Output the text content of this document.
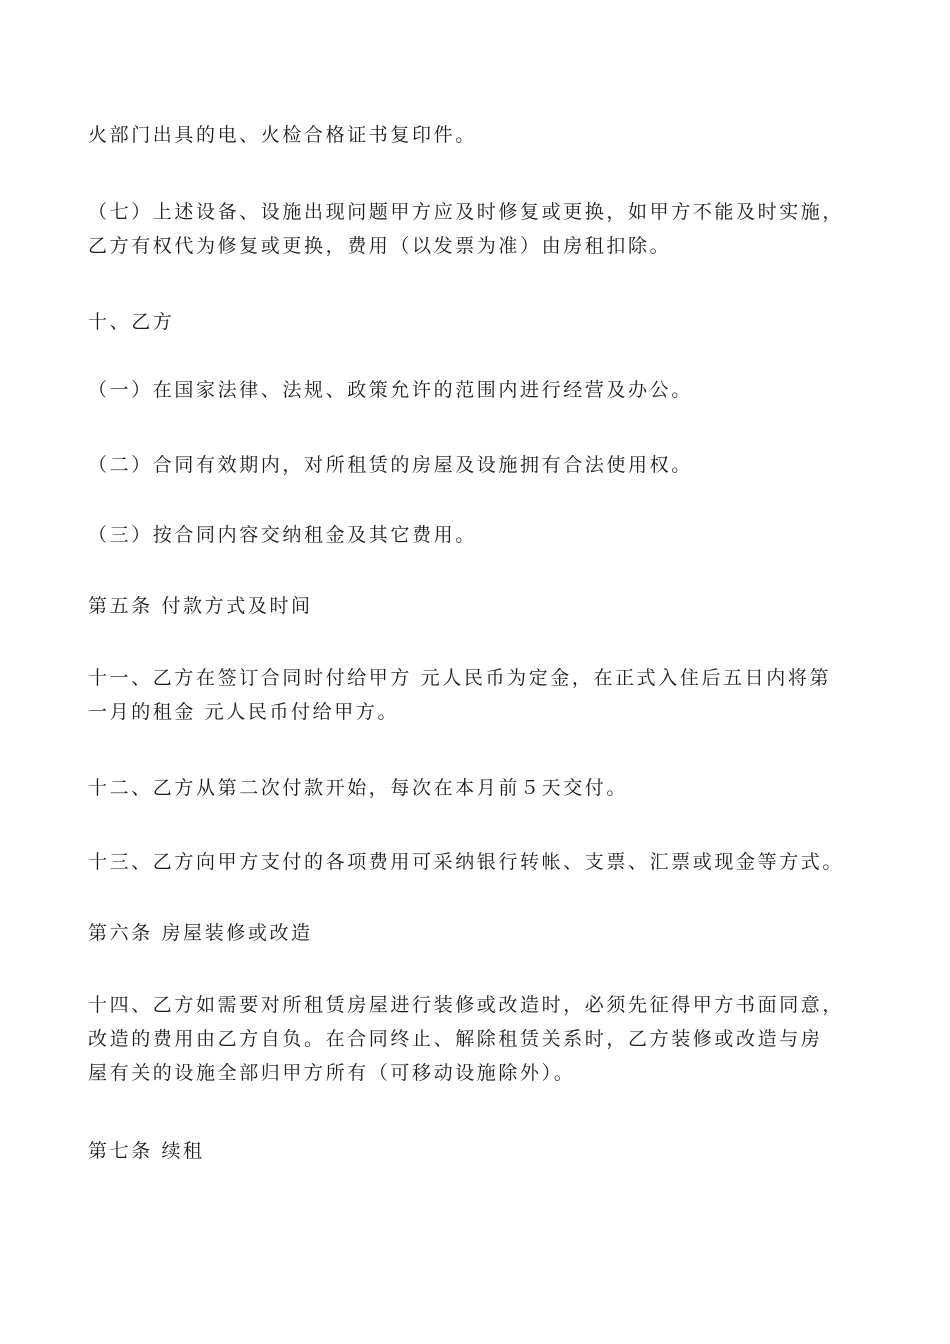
火部门出具的电、火检合格证书复印件。
（七）上述设备、设施出现问题甲方应及时修复或更换，如甲方不能及时实施，
乙方有权代为修复或更换，费用（以发票为准）由房租扣除。
十、乙方
（一）在国家法律、法规、政策允许的范围内进行经营及办公。
（二）合同有效期内，对所租赁的房屋及设施拥有合法使用权。
（三）按合同内容交纳租金及其它费用。
第五条 付款方式及时间
十一、乙方在签订合同时付给甲方 元人民币为定金，在正式入住后五日内将第
一月的租金 元人民币付给甲方。
十二、乙方从第二次付款开始，每次在本月前５天交付。
十三、乙方向甲方支付的各项费用可采纳银行转帐、支票、汇票或现金等方式。
第六条 房屋装修或改造
十四、乙方如需要对所租赁房屋进行装修或改造时，必须先征得甲方书面同意，
改造的费用由乙方自负。在合同终止、解除租赁关系时，乙方装修或改造与房
屋有关的设施全部归甲方所有（可移动设施除外）。
第七条 续租
